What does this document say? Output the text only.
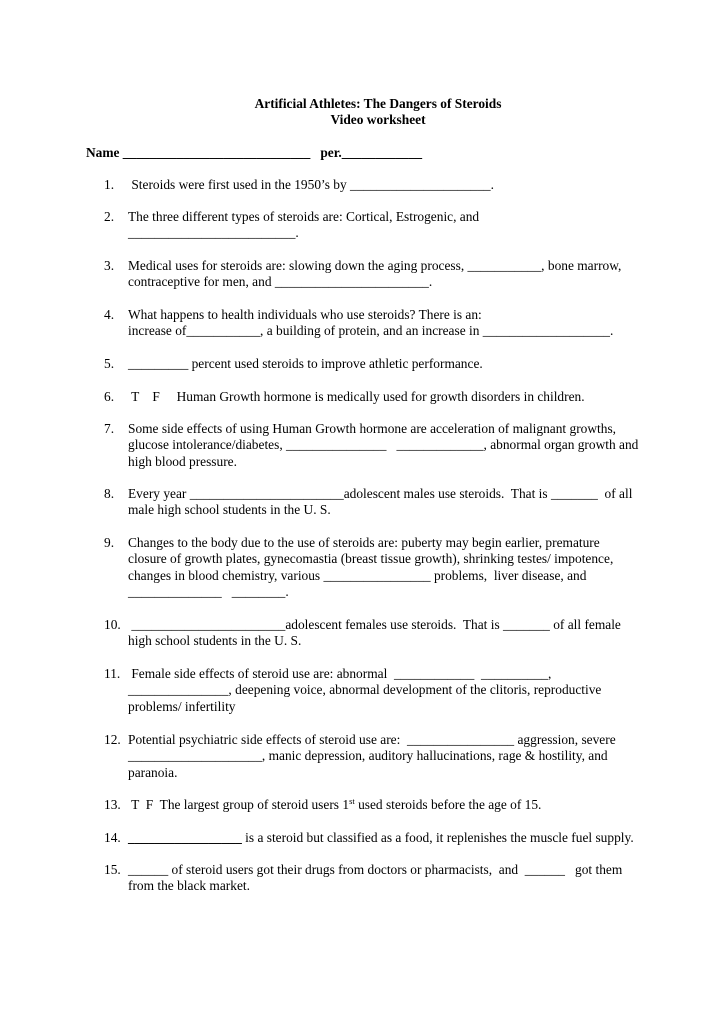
Artificial Athletes: The Dangers of Steroids
Video worksheet
Name ____________________________   per.____________
1. Steroids were first used in the 1950’s by _____________________.
2. The three different types of steroids are: Cortical, Estrogenic, and
_________________________.
3. Medical uses for steroids are: slowing down the aging process, ___________, bone marrow,
contraceptive for men, and _______________________.
4. What happens to health individuals who use steroids? There is an:
increase of___________, a building of protein, and an increase in ___________________.
5. _________ percent used steroids to improve athletic performance.
6. T    F     Human Growth hormone is medically used for growth disorders in children.
7. Some side effects of using Human Growth hormone are acceleration of malignant growths,
glucose intolerance/diabetes, _______________   _____________, abnormal organ growth and
high blood pressure.
8. Every year _______________________adolescent males use steroids.  That is _______  of all
male high school students in the U. S.
9. Changes to the body due to the use of steroids are: puberty may begin earlier, premature
closure of growth plates, gynecomastia (breast tissue growth), shrinking testes/ impotence,
changes in blood chemistry, various ________________ problems,  liver disease, and
______________   ________.
10. _______________________adolescent females use steroids.  That is _______ of all female
high school students in the U. S.
11. Female side effects of steroid use are: abnormal  ____________  __________,
_______________, deepening voice, abnormal development of the clitoris, reproductive
problems/ infertility
12. Potential psychiatric side effects of steroid use are:  ________________ aggression, severe
____________________, manic depression, auditory hallucinations, rage & hostility, and
paranoia.
13. T  F  The largest group of steroid users 1st used steroids before the age of 15.
14. _________________ is a steroid but classified as a food, it replenishes the muscle fuel supply.
15. ______ of steroid users got their drugs from doctors or pharmacists,  and  ______   got them
from the black market.
